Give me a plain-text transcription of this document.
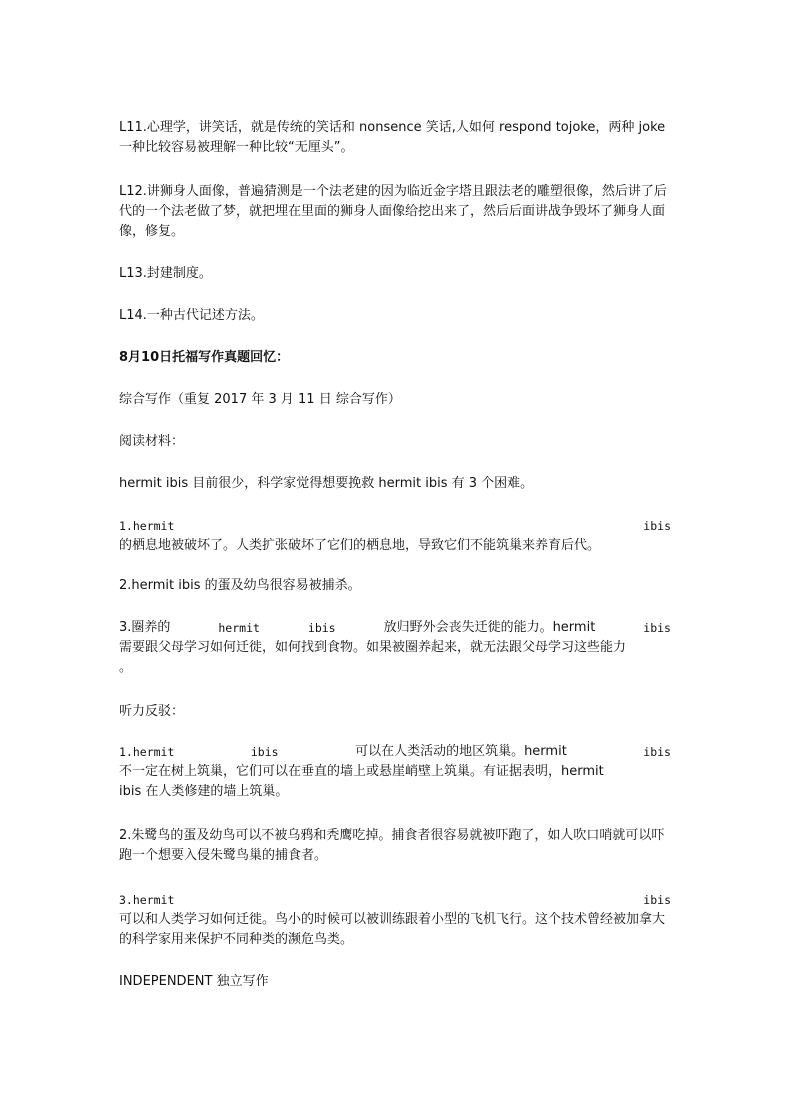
L11.心理学，讲笑话，就是传统的笑话和 nonsence 笑话,人如何 respond tojoke，两种 joke 一种比较容易被理解一种比较“无厘头”。

L12.讲狮身人面像，普遍猜测是一个法老建的因为临近金字塔且跟法老的雕塑很像，然后讲了后代的一个法老做了梦，就把埋在里面的狮身人面像给挖出来了，然后后面讲战争毁坏了狮身人面像，修复。

L13.封建制度。

L14.一种古代记述方法。

8月10日托福写作真题回忆：

综合写作（重复 2017 年 3 月 11 日 综合写作）

阅读材料：

hermit ibis 目前很少，科学家觉得想要挽救 hermit ibis 有 3 个困难。

1.hermit	ibis
的栖息地被破坏了。人类扩张破坏了它们的栖息地，导致它们不能筑巢来养育后代。

2.hermit ibis 的蛋及幼鸟很容易被捕杀。

3.圈养的	hermit	ibis	放归野外会丧失迁徙的能力。hermit	ibis
需要跟父母学习如何迁徙，如何找到食物。如果被圈养起来，就无法跟父母学习这些能力
。

听力反驳：

1.hermit	ibis	可以在人类活动的地区筑巢。hermit	ibis
不一定在树上筑巢，它们可以在垂直的墙上或悬崖峭壁上筑巢。有证据表明，hermit
ibis 在人类修建的墙上筑巢。

2.朱鹭鸟的蛋及幼鸟可以不被乌鸦和秃鹰吃掉。捕食者很容易就被吓跑了，如人吹口哨就可以吓跑一个想要入侵朱鹭鸟巢的捕食者。

3.hermit	ibis
可以和人类学习如何迁徙。鸟小的时候可以被训练跟着小型的飞机飞行。这个技术曾经被加拿大的科学家用来保护不同种类的濒危鸟类。

INDEPENDENT 独立写作
